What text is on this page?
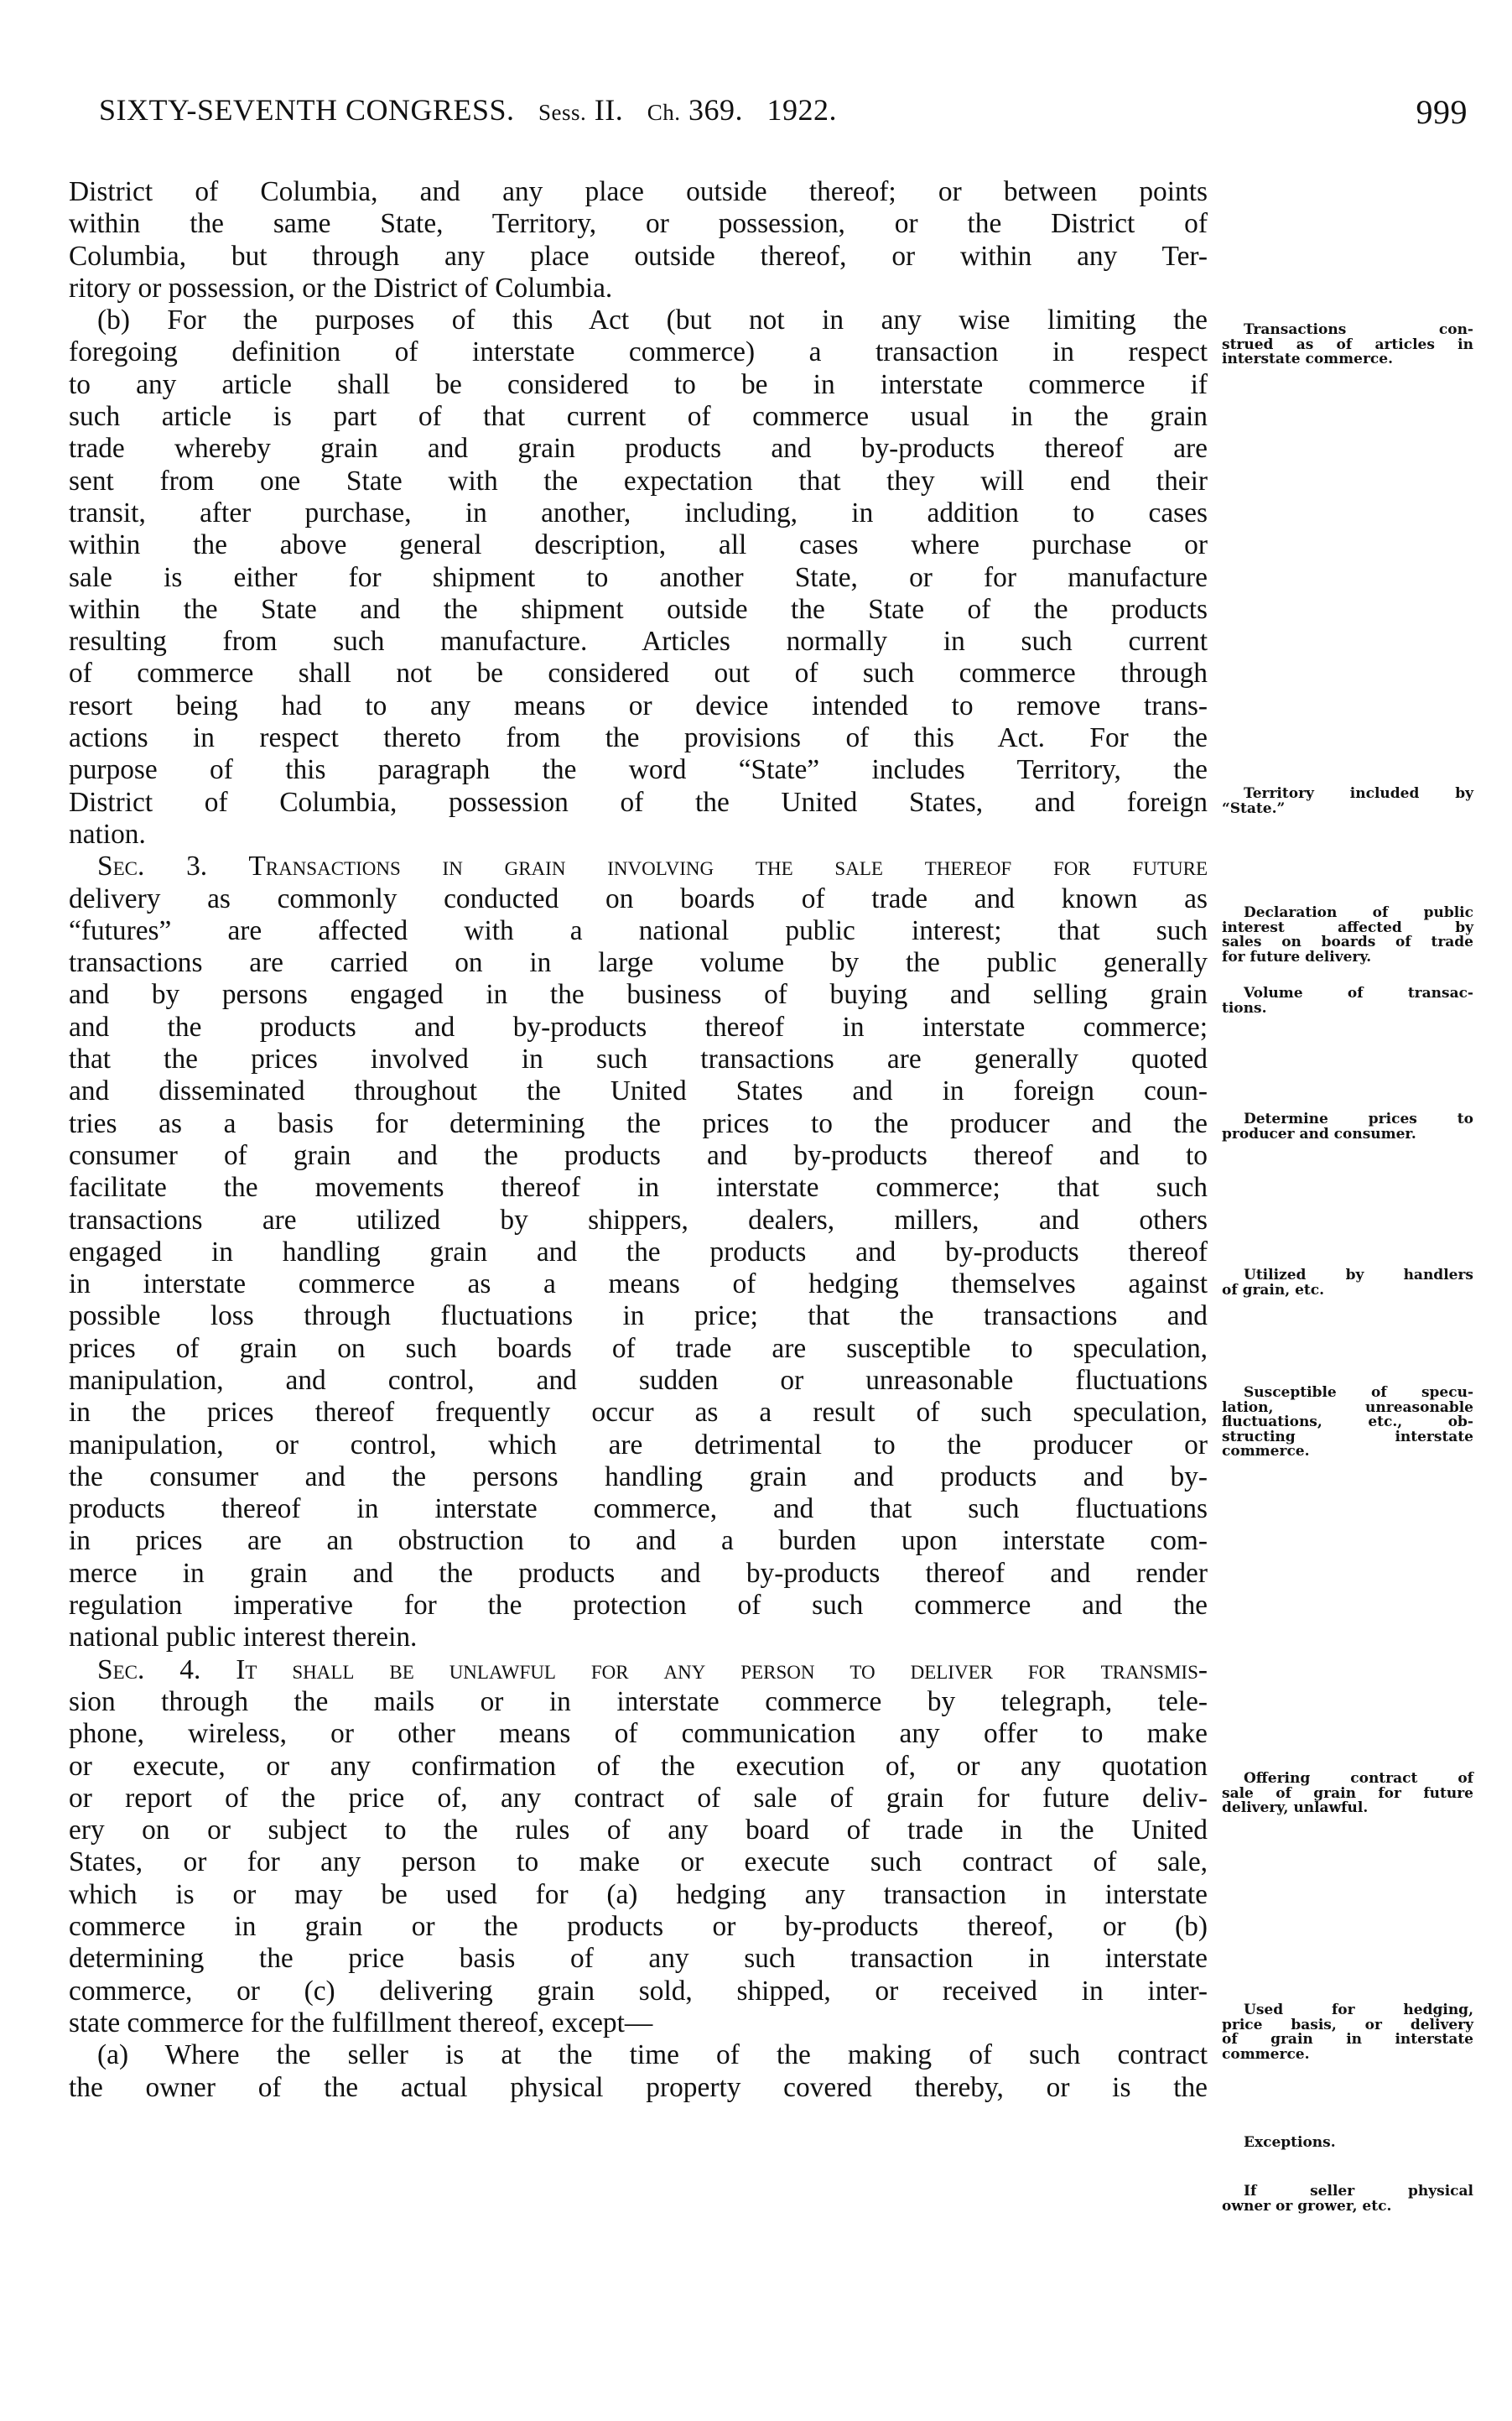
SIXTY-SEVENTH CONGRESS. Sess. II. Ch. 369. 1922.	999
District of Columbia, and any place outside thereof; or between points
within the same State, Territory, or possession, or the District of
Columbia, but through any place outside thereof, or within any Ter-
ritory or possession, or the District of Columbia.
(b) For the purposes of this Act (but not in any wise limiting the
foregoing definition of interstate commerce) a transaction in respect
to any article shall be considered to be in interstate commerce if
such article is part of that current of commerce usual in the grain
trade whereby grain and grain products and by-products thereof are
sent from one State with the expectation that they will end their
transit, after purchase, in another, including, in addition to cases
within the above general description, all cases where purchase or
sale is either for shipment to another State, or for manufacture
within the State and the shipment outside the State of the products
resulting from such manufacture. Articles normally in such current
of commerce shall not be considered out of such commerce through
resort being had to any means or device intended to remove trans-
actions in respect thereto from the provisions of this Act. For the
purpose of this paragraph the word “State” includes Territory, the
District of Columbia, possession of the United States, and foreign
nation.
Sec. 3. Transactions in grain involving the sale thereof for future
delivery as commonly conducted on boards of trade and known as
“futures” are affected with a national public interest; that such
transactions are carried on in large volume by the public generally
and by persons engaged in the business of buying and selling grain
and the products and by-products thereof in interstate commerce;
that the prices involved in such transactions are generally quoted
and disseminated throughout the United States and in foreign coun-
tries as a basis for determining the prices to the producer and the
consumer of grain and the products and by-products thereof and to
facilitate the movements thereof in interstate commerce; that such
transactions are utilized by shippers, dealers, millers, and others
engaged in handling grain and the products and by-products thereof
in interstate commerce as a means of hedging themselves against
possible loss through fluctuations in price; that the transactions and
prices of grain on such boards of trade are susceptible to speculation,
manipulation, and control, and sudden or unreasonable fluctuations
in the prices thereof frequently occur as a result of such speculation,
manipulation, or control, which are detrimental to the producer or
the consumer and the persons handling grain and products and by-
products thereof in interstate commerce, and that such fluctuations
in prices are an obstruction to and a burden upon interstate com-
merce in grain and the products and by-products thereof and render
regulation imperative for the protection of such commerce and the
national public interest therein.
Sec. 4. It shall be unlawful for any person to deliver for transmis-
sion through the mails or in interstate commerce by telegraph, tele-
phone, wireless, or other means of communication any offer to make
or execute, or any confirmation of the execution of, or any quotation
or report of the price of, any contract of sale of grain for future deliv-
ery on or subject to the rules of any board of trade in the United
States, or for any person to make or execute such contract of sale,
which is or may be used for (a) hedging any transaction in interstate
commerce in grain or the products or by-products thereof, or (b)
determining the price basis of any such transaction in interstate
commerce, or (c) delivering grain sold, shipped, or received in inter-
state commerce for the fulfillment thereof, except—
(a) Where the seller is at the time of the making of such contract
the owner of the actual physical property covered thereby, or is the
Transactions con-
strued as of articles in
interstate commerce.
Territory included by
“State.”
Declaration of public
interest affected by
sales on boards of trade
for future delivery.
Volume of transac-
tions.
Determine prices to
producer and consumer.
Utilized by handlers
of grain, etc.
Susceptible of specu-
lation, unreasonable
fluctuations, etc., ob-
structing interstate
commerce.
Offering contract of
sale of grain for future
delivery, unlawful.
Used for hedging,
price basis, or delivery
of grain in interstate
commerce.
Exceptions.
If seller physical
owner or grower, etc.
